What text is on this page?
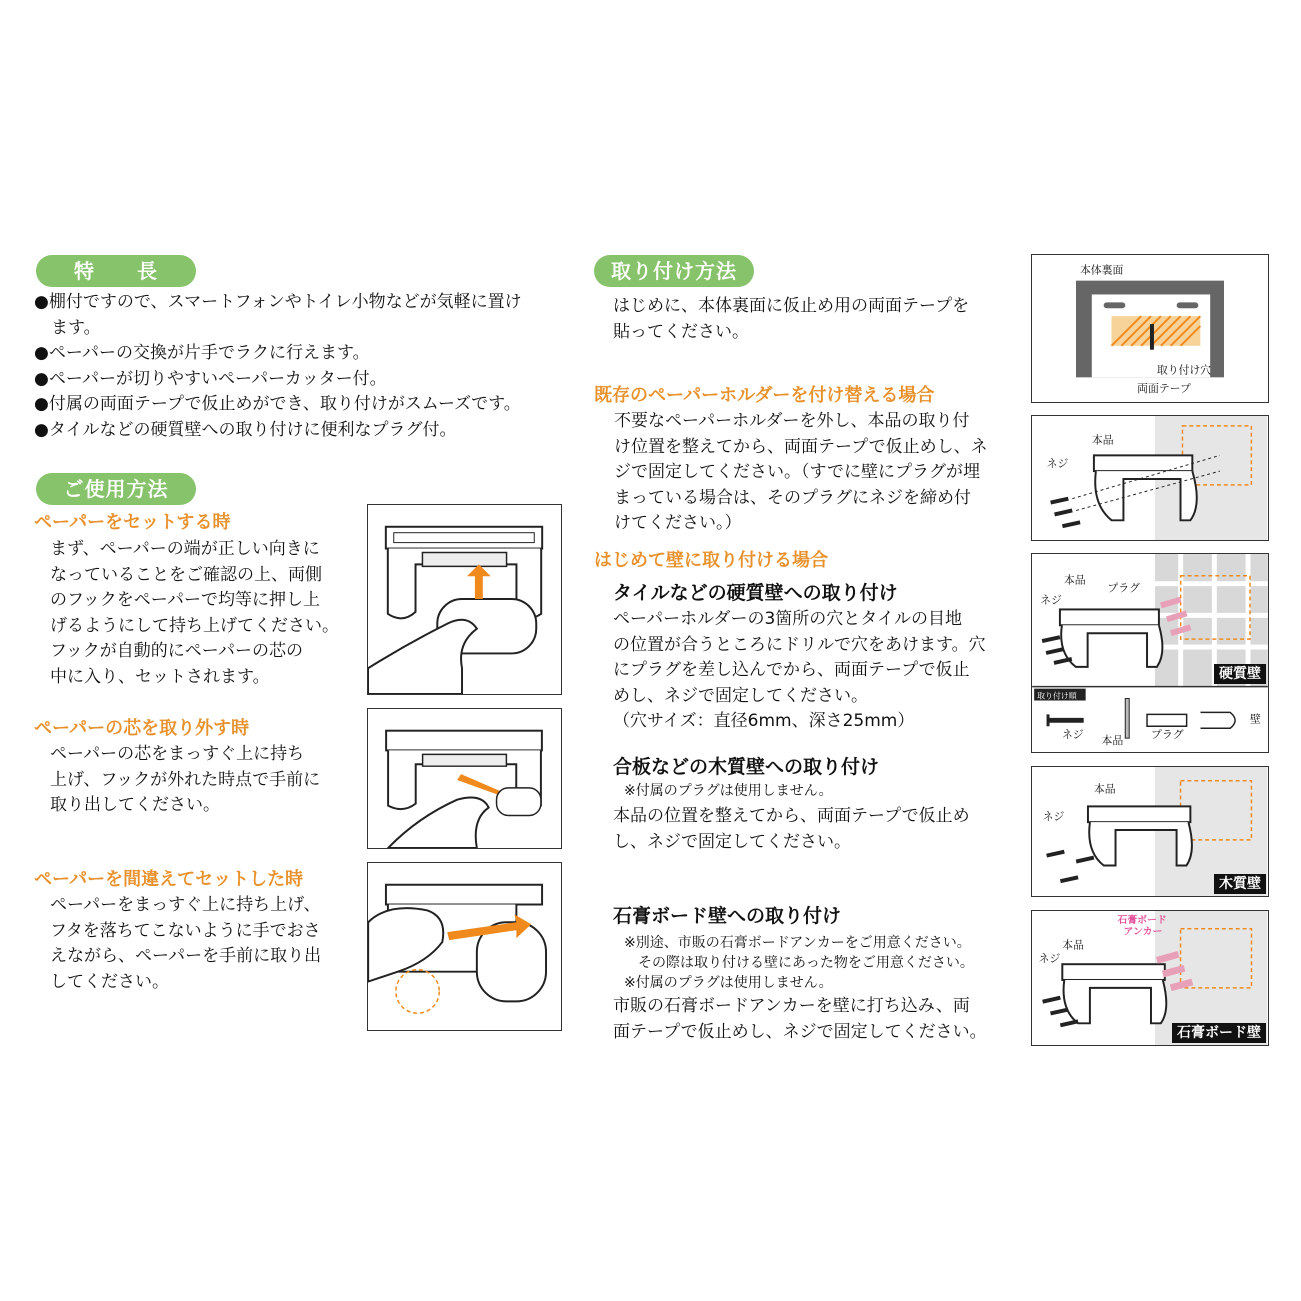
特　　長
●棚付ですので、スマートフォンやトイレ小物などが気軽に置け
　ます。
●ペーパーの交換が片手でラクに行えます。
●ペーパーが切りやすいペーパーカッター付。
●付属の両面テープで仮止めができ、取り付けがスムーズです。
●タイルなどの硬質壁への取り付けに便利なプラグ付。
ご使用方法
ペーパーをセットする時
まず、ペーパーの端が正しい向きに
なっていることをご確認の上、両側
のフックをペーパーで均等に押し上
げるようにして持ち上げてください。
フックが自動的にペーパーの芯の
中に入り、セットされます。
ペーパーの芯を取り外す時
ペーパーの芯をまっすぐ上に持ち
上げ、フックが外れた時点で手前に
取り出してください。
ペーパーを間違えてセットした時
ペーパーをまっすぐ上に持ち上げ、
フタを落ちてこないように手でおさ
えながら、ペーパーを手前に取り出
してください。
取り付け方法
はじめに、本体裏面に仮止め用の両面テープを
貼ってください。
既存のペーパーホルダーを付け替える場合
不要なペーパーホルダーを外し、本品の取り付
け位置を整えてから、両面テープで仮止めし、ネ
ジで固定してください。（すでに壁にプラグが埋
まっている場合は、そのプラグにネジを締め付
けてください。）
はじめて壁に取り付ける場合
タイルなどの硬質壁への取り付け
ペーパーホルダーの3箇所の穴とタイルの目地
の位置が合うところにドリルで穴をあけます。穴
にプラグを差し込んでから、両面テープで仮止
めし、ネジで固定してください。
（穴サイズ：直径6mm、深さ25mm）
合板などの木質壁への取り付け
※付属のプラグは使用しません。
本品の位置を整えてから、両面テープで仮止め
し、ネジで固定してください。
石膏ボード壁への取り付け
※別途、市販の石膏ボードアンカーをご用意ください。
　その際は取り付ける壁にあった物をご用意ください。
※付属のプラグは使用しません。
市販の石膏ボードアンカーを壁に打ち込み、両
面テープで仮止めし、ネジで固定してください。
本体裏面
取り付け穴
両面テープ
本品
ネジ
本品
プラグ
ネジ
取り付け順
ネジ 本品	プラグ
壁
硬質壁
本品
ネジ
木質壁
石膏ボード
アンカー
本品
ネジ
石膏ボード壁
